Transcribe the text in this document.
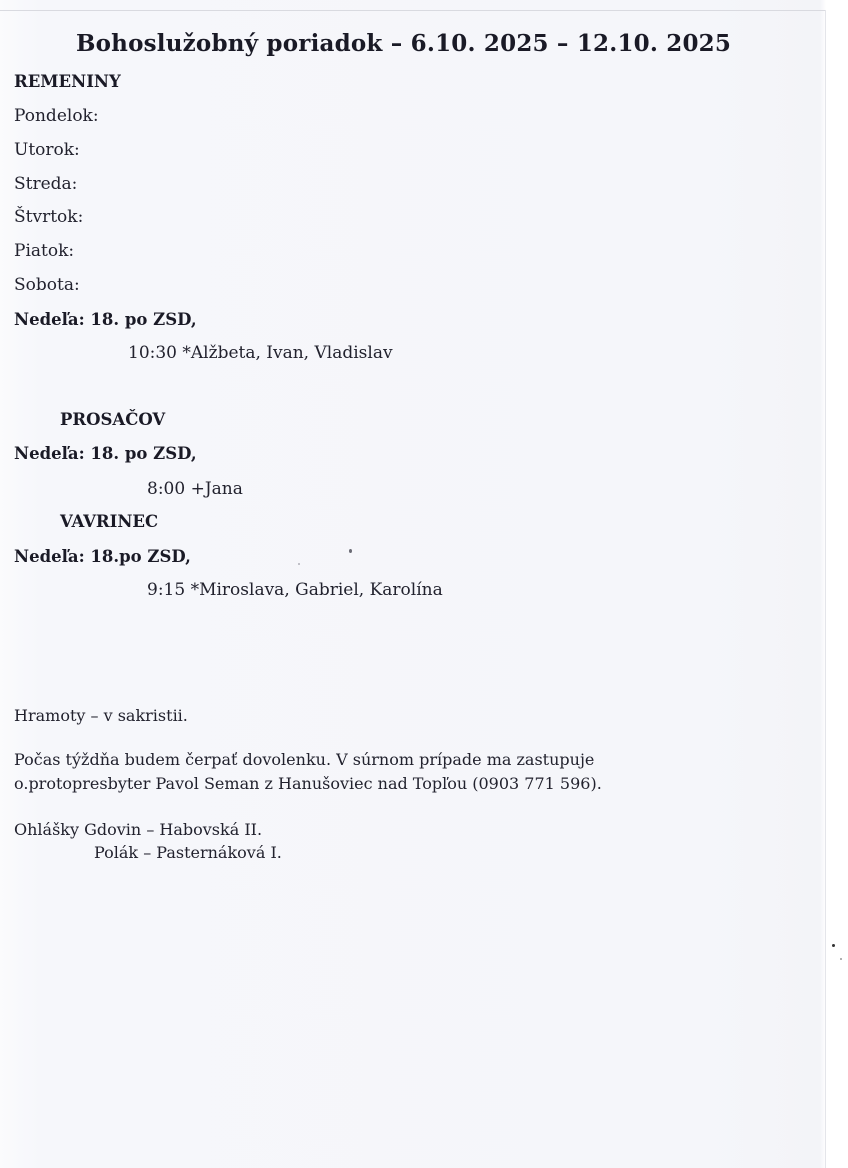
Bohoslužobný poriadok – 6.10. 2025 – 12.10. 2025
REMENINY
Pondelok:
Utorok:
Streda:
Štvrtok:
Piatok:
Sobota:
Nedeľa: 18. po ZSD,
10:30 *Alžbeta, Ivan, Vladislav
PROSAČOV
Nedeľa: 18. po ZSD,
8:00 +Jana
VAVRINEC
Nedeľa: 18.po ZSD,
9:15 *Miroslava, Gabriel, Karolína
Hramoty – v sakristii.
Počas týždňa budem čerpať dovolenku. V súrnom prípade ma zastupuje
o.protopresbyter Pavol Seman z Hanušoviec nad Topľou (0903 771 596).
Ohlášky Gdovin – Habovská II.
Polák – Pasternáková I.
